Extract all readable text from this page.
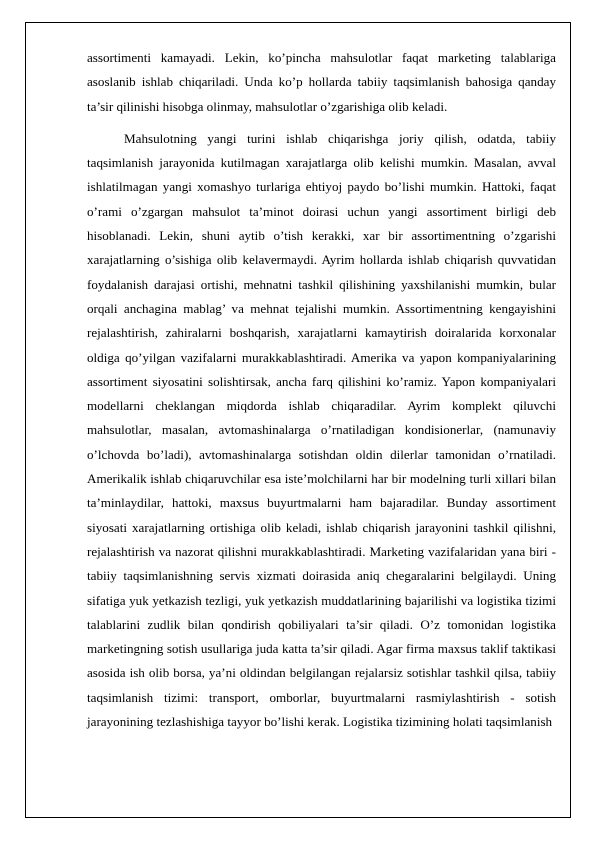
assortimenti kamayadi. Lekin, ko’pincha mahsulotlar faqat marketing talablariga asoslanib ishlab chiqariladi. Unda ko’p hollarda tabiiy taqsimlanish bahosiga qanday ta’sir qilinishi hisobga olinmay, mahsulotlar o’zgarishiga olib keladi.

Mahsulotning yangi turini ishlab chiqarishga joriy qilish, odatda, tabiiy taqsimlanish jarayonida kutilmagan xarajatlarga olib kelishi mumkin. Masalan, avval ishlatilmagan yangi xomashyo turlariga ehtiyoj paydo bo’lishi mumkin. Hattoki, faqat o’rami o’zgargan mahsulot ta’minot doirasi uchun yangi assortiment birligi deb hisoblanadi. Lekin, shuni aytib o’tish kerakki, xar bir assortimentning o’zgarishi xarajatlarning o’sishiga olib kelavermaydi. Ayrim hollarda ishlab chiqarish quvvatidan foydalanish darajasi ortishi, mehnatni tashkil qilishining yaxshilanishi mumkin, bular orqali anchagina mablag’ va mehnat tejalishi mumkin. Assortimentning kengayishini rejalashtirish, zahiralarni boshqarish, xarajatlarni kamaytirish doiralarida korxonalar oldiga qo’yilgan vazifalarni murakkablashtiradi. Amerika va yapon kompaniyalarining assortiment siyosatini solishtirsak, ancha farq qilishini ko’ramiz. Yapon kompaniyalari modellarni cheklangan miqdorda ishlab chiqaradilar. Ayrim komplekt qiluvchi mahsulotlar, masalan, avtomashinalarga o’rnatiladigan kondisionerlar, (namunaviy o’lchovda bo’ladi), avtomashinalarga sotishdan oldin dilerlar tamonidan o’rnatiladi. Amerikalik ishlab chiqaruvchilar esa iste’molchilarni har bir modelning turli xillari bilan ta’minlaydilar, hattoki, maxsus buyurtmalarni ham bajaradilar. Bunday assortiment siyosati xarajatlarning ortishiga olib keladi, ishlab chiqarish jarayonini tashkil qilishni, rejalashtirish va nazorat qilishni murakkablashtiradi. Marketing vazifalaridan yana biri - tabiiy taqsimlanishning servis xizmati doirasida aniq chegaralarini belgilaydi. Uning sifatiga yuk yetkazish tezligi, yuk yetkazish muddatlarining bajarilishi va logistika tizimi talablarini zudlik bilan qondirish qobiliyalari ta’sir qiladi. O’z tomonidan logistika marketingning sotish usullariga juda katta ta’sir qiladi. Agar firma maxsus taklif taktikasi asosida ish olib borsa, ya’ni oldindan belgilangan rejalarsiz sotishlar tashkil qilsa, tabiiy taqsimlanish tizimi: transport, omborlar, buyurtmalarni rasmiylashtirish - sotish jarayonining tezlashishiga tayyor bo’lishi kerak. Logistika tizimining holati taqsimlanish
